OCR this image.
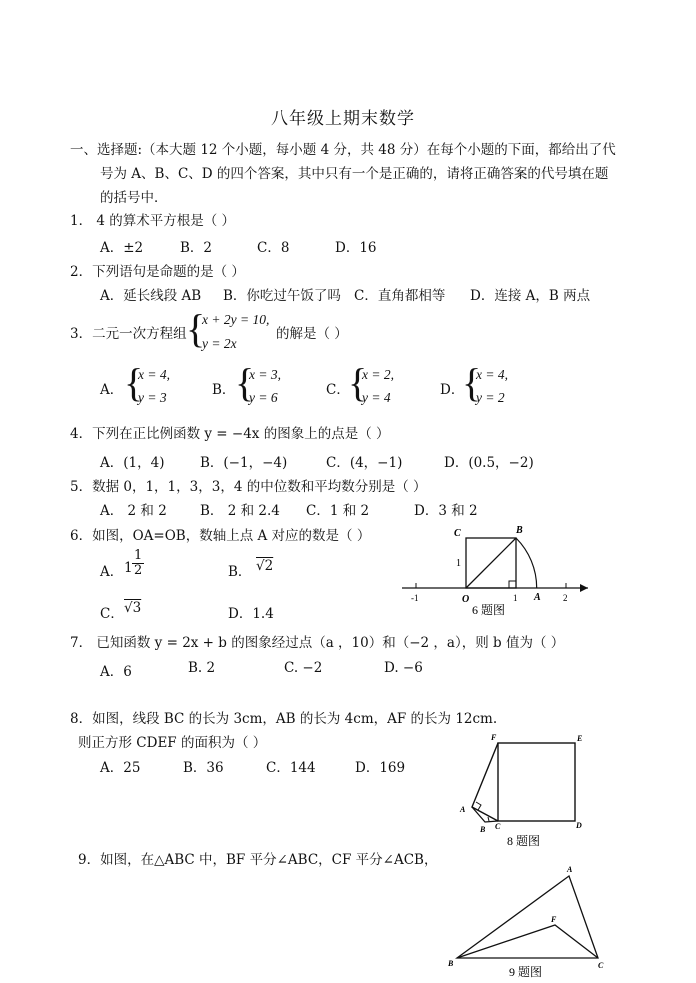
八年级上期末数学
一、选择题:（本大题 12 个小题，每小题 4 分，共 48 分）在每个小题的下面，都给出了代
号为 A、B、C、D 的四个答案，其中只有一个是正确的，请将正确答案的代号填在题
的括号中．
1． 4 的算术平方根是（ ）
A．±2	B．2	C．8	D．16
2．下列语句是命题的是（ ）
A．延长线段 AB B．你吃过午饭了吗 C．直角都相等 D．连接 A，B 两点
3．二元一次方程组 {
x + 2y = 10,
y = 2x
的解是（ ）
A． {
x = 4,
y = 3	B． {
x = 3,
y = 6	C．
{
x = 2,
y = 4	D．
{
x = 4,
y = 2
4．下列在正比例函数 y = −4x 的图象上的点是（ ）
A．(1，4)	B．(−1，−4)	C．(4，−1)	D．(0.5，−2)
5．数据 0，1，1，3，3，4 的中位数和平均数分别是（ ）
A． 2 和 2 B． 2 和 2.4 C．1 和 2	D．3 和 2
6．如图，OA=OB，数轴上点 A 对应的数是（ ）
A． $1 \frac{1}{2}$	B． √2
C． √3	D．1.4
C	B
1
O	A
-1	1	2
6 题图
7． 已知函数 y = 2x + b 的图象经过点（a ，10）和（−2 ，a），则 b 值为（ ）
A．6	B. 2	C. −2	D. −6
8．如图，线段 BC 的长为 3cm，AB 的长为 4cm，AF 的长为 12cm.
则正方形 CDEF 的面积为（ ）
A．25	B．36	C．144	D．169
F	E
A
B C	D
8 题图
9．如图，在△ABC 中，BF 平分∠ABC，CF 平分∠ACB，
A
F
B	C
9 题图
